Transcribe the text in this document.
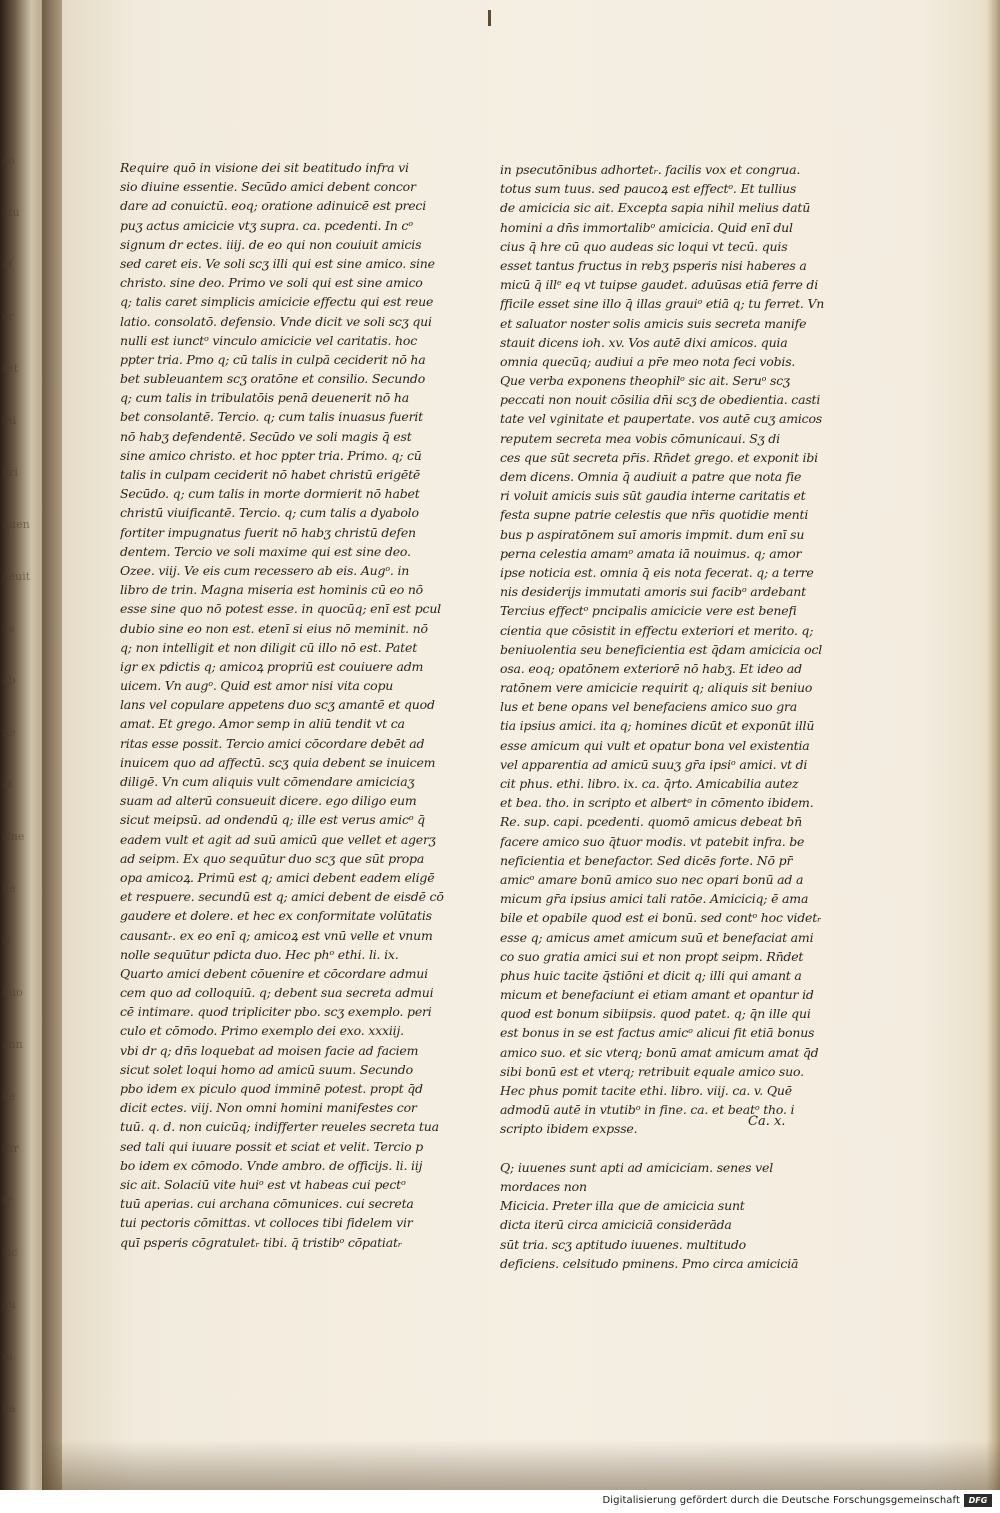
co
ctu
ef
or
ret
ini
nri
quen
oeuit
ce
ab
ne
at
rine
ue
ri
quo
ann
de
tur
tr
sic
ou
ui
lia
Require quō in visione dei sit beatitudo infra vi
sio diuine essentie. Secūdo amici debent concor
dare ad conuictū. eoq; oratione adinuicē est preci
puʒ actus amicicie vtʒ supra. ca. pcedenti. In cᵒ
signum dr ectes. iiij. de eo qui non couiuit amicis
sed caret eis. Ve soli scʒ illi qui est sine amico. sine
christo. sine deo. Primo ve soli qui est sine amico
q; talis caret simplicis amicicie effectu qui est reue
latio. consolatō. defensio. Vnde dicit ve soli scʒ qui
nulli est iunctᵒ vinculo amicicie vel caritatis. hoc
ppter tria. Pmo q; cū talis in culpā ceciderit nō ha
bet subleuantem scʒ oratōne et consilio. Secundo
q; cum talis in tribulatōis penā deuenerit nō ha
bet consolantē. Tercio. q; cum talis inuasus fuerit
nō habʒ defendentē. Secūdo ve soli magis q̄ est
sine amico christo. et hoc ppter tria. Primo. q; cū
talis in culpam ceciderit nō habet christū erigētē
Secūdo. q; cum talis in morte dormierit nō habet
christū viuificantē. Tercio. q; cum talis a dyabolo
fortiter impugnatus fuerit nō habʒ christū defen
dentem. Tercio ve soli maxime qui est sine deo.
Ozee. viij. Ve eis cum recessero ab eis. Augᵒ. in
libro de trin. Magna miseria est hominis cū eo nō
esse sine quo nō potest esse. in quocūq; enī est pcul
dubio sine eo non est. etenī si eius nō meminit. nō
q; non intelligit et non diligit cū illo nō est. Patet
igr ex pdictis q; amicoꝝ propriū est couiuere adm
uicem. Vn augᵒ. Quid est amor nisi vita copu
lans vel copulare appetens duo scʒ amantē et quod
amat. Et grego. Amor semp in aliū tendit vt ca
ritas esse possit. Tercio amici cōcordare debēt ad
inuicem quo ad affectū. scʒ quia debent se inuicem
diligē. Vn cum aliquis vult cōmendare amiciciaʒ
suam ad alterū consueuit dicere. ego diligo eum
sicut meipsū. ad ondendū q; ille est verus amicᵒ q̄
eadem vult et agit ad suū amicū que vellet et agerʒ
ad seipm. Ex quo sequūtur duo scʒ que sūt propa
opa amicoꝝ. Primū est q; amici debent eadem eligē
et respuere. secundū est q; amici debent de eisdē cō
gaudere et dolere. et hec ex conformitate volūtatis
causantᵣ. ex eo enī q; amicoꝝ est vnū velle et vnum
nolle sequūtur pdicta duo. Hec phᵒ ethi. li. ix.
Quarto amici debent cōuenire et cōcordare admui
cem quo ad colloquiū. q; debent sua secreta admui
cē intimare. quod tripliciter pbo. scʒ exemplo. peri
culo et cōmodo. Primo exemplo dei exo. xxxiij.
vbi dr q; dn̄s loquebat ad moisen facie ad faciem
sicut solet loqui homo ad amicū suum. Secundo
pbo idem ex piculo quod imminē potest. propt q̄d
dicit ectes. viij. Non omni homini manifestes cor
tuū. q. d. non cuicūq; indifferter reueles secreta tua
sed tali qui iuuare possit et sciat et velit. Tercio p
bo idem ex cōmodo. Vnde ambro. de officijs. li. iij
sic ait. Solaciū vite huiᵒ est vt habeas cui pectᵒ
tuū aperias. cui archana cōmunices. cui secreta
tui pectoris cōmittas. vt colloces tibi fidelem vir
quī psperis cōgratuletᵣ tibi. q̄ tristibᵒ cōpatiatᵣ
in psecutōnibus adhortetᵣ. facilis vox et congrua.
totus sum tuus. sed paucoꝝ est effectᵒ. Et tullius
de amicicia sic ait. Excepta sapia nihil melius datū
homini a dn̄s immortalibᵒ amicicia. Quid enī dul
cius q̄ hre cū quo audeas sic loqui vt tecū. quis
esset tantus fructus in rebʒ psperis nisi haberes a
micū q̄ illᵉ eq vt tuipse gaudet. aduūsas etiā ferre di
fficile esset sine illo q̄ illas grauiᵒ etiā q; tu ferret. Vn
et saluator noster solis amicis suis secreta manife
stauit dicens ioh. xv. Vos autē dixi amicos. quia
omnia quecūq; audiui a pr̄e meo nota feci vobis.
Que verba exponens theophilᵒ sic ait. Seruᵒ scʒ
peccati non nouit cōsilia dn̄i scʒ de obedientia. casti
tate vel vginitate et paupertate. vos autē cuʒ amicos
reputem secreta mea vobis cōmunicaui. Sʒ di
ces que sūt secreta pr̄is. Rn̄det grego. et exponit ibi
dem dicens. Omnia q̄ audiuit a patre que nota fie
ri voluit amicis suis sūt gaudia interne caritatis et
festa supne patrie celestis que nr̄is quotidie menti
bus p aspiratōnem suī amoris impmit. dum enī su
perna celestia amamᵒ amata iā nouimus. q; amor
ipse noticia est. omnia q̄ eis nota fecerat. q; a terre
nis desiderijs immutati amoris sui facibᵒ ardebant
Tercius effectᵒ pncipalis amicicie vere est benefi
cientia que cōsistit in effectu exteriori et merito. q;
beniuolentia seu beneficientia est q̄dam amicicia ocl
osa. eoq; opatōnem exteriorē nō habʒ. Et ideo ad
ratōnem vere amicicie requirit q; aliquis sit beniuo
lus et bene opans vel benefaciens amico suo gra
tia ipsius amici. ita q; homines dicūt et exponūt illū
esse amicum qui vult et opatur bona vel existentia
vel apparentia ad amicū suuʒ gr̄a ipsiᵒ amici. vt di
cit phus. ethi. libro. ix. ca. q̄rto. Amicabilia autez
et bea. tho. in scripto et albertᵒ in cōmento ibidem.
Re. sup. capi. pcedenti. quomō amicus debeat bn̄
facere amico suo q̄tuor modis. vt patebit infra. be
neficientia et benefactor. Sed dicēs forte. Nō pr̄
amicᵒ amare bonū amico suo nec opari bonū ad a
micum gr̄a ipsius amici tali ratōe. Amiciciq; ē ama
bile et opabile quod est ei bonū. sed contᵒ hoc videtᵣ
esse q; amicus amet amicum suū et benefaciat ami
co suo gratia amici sui et non propt seipm. Rn̄det
phus huic tacite q̄stiōni et dicit q; illi qui amant a
micum et benefaciunt ei etiam amant et opantur id
quod est bonum sibiipsis. quod patet. q; q̄n ille qui
est bonus in se est factus amicᵒ alicui fit etiā bonus
amico suo. et sic vterq; bonū amat amicum amat q̄d
sibi bonū est et vterq; retribuit equale amico suo.
Hec phus pomit tacite ethi. libro. viij. ca. v. Quē
admodū autē in vtutibᵒ in fine. ca. et beatᵒ tho. i
scripto ibidem expsse.
Q; iuuenes sunt apti ad amiciciam. senes vel
mordaces non
Micicia. Preter illa que de amicicia sunt
dicta iterū circa amiciciā considerāda
sūt tria. scʒ aptitudo iuuenes. multitudo
deficiens. celsitudo pminens. Pmo circa amiciciā
Ca. x.
Digitalisierung gefördert durch die Deutsche Forschungsgemeinschaft	DFG
